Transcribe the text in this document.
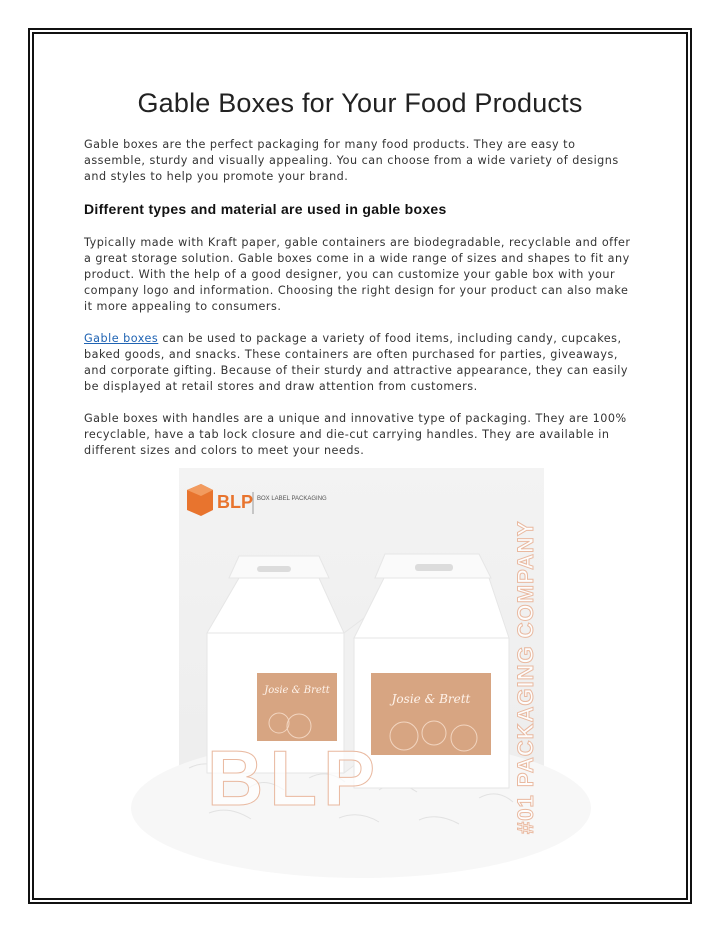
Gable Boxes for Your Food Products

Gable boxes are the perfect packaging for many food products. They are easy to assemble, sturdy and visually appealing. You can choose from a wide variety of designs and styles to help you promote your brand.

Different types and material are used in gable boxes

Typically made with Kraft paper, gable containers are biodegradable, recyclable and offer a great storage solution. Gable boxes come in a wide range of sizes and shapes to fit any product. With the help of a good designer, you can customize your gable box with your company logo and information. Choosing the right design for your product can also make it more appealing to consumers.

Gable boxes can be used to package a variety of food items, including candy, cupcakes, baked goods, and snacks. These containers are often purchased for parties, giveaways, and corporate gifting. Because of their sturdy and attractive appearance, they can easily be displayed at retail stores and draw attention from customers.

Gable boxes with handles are a unique and innovative type of packaging. They are 100% recyclable, have a tab lock closure and die-cut carrying handles. They are available in different sizes and colors to meet your needs.

Josie & Brett
Josie & Brett
BLP BOX LABEL PACKAGING
#01 PACKAGING COMPANY
BLP
